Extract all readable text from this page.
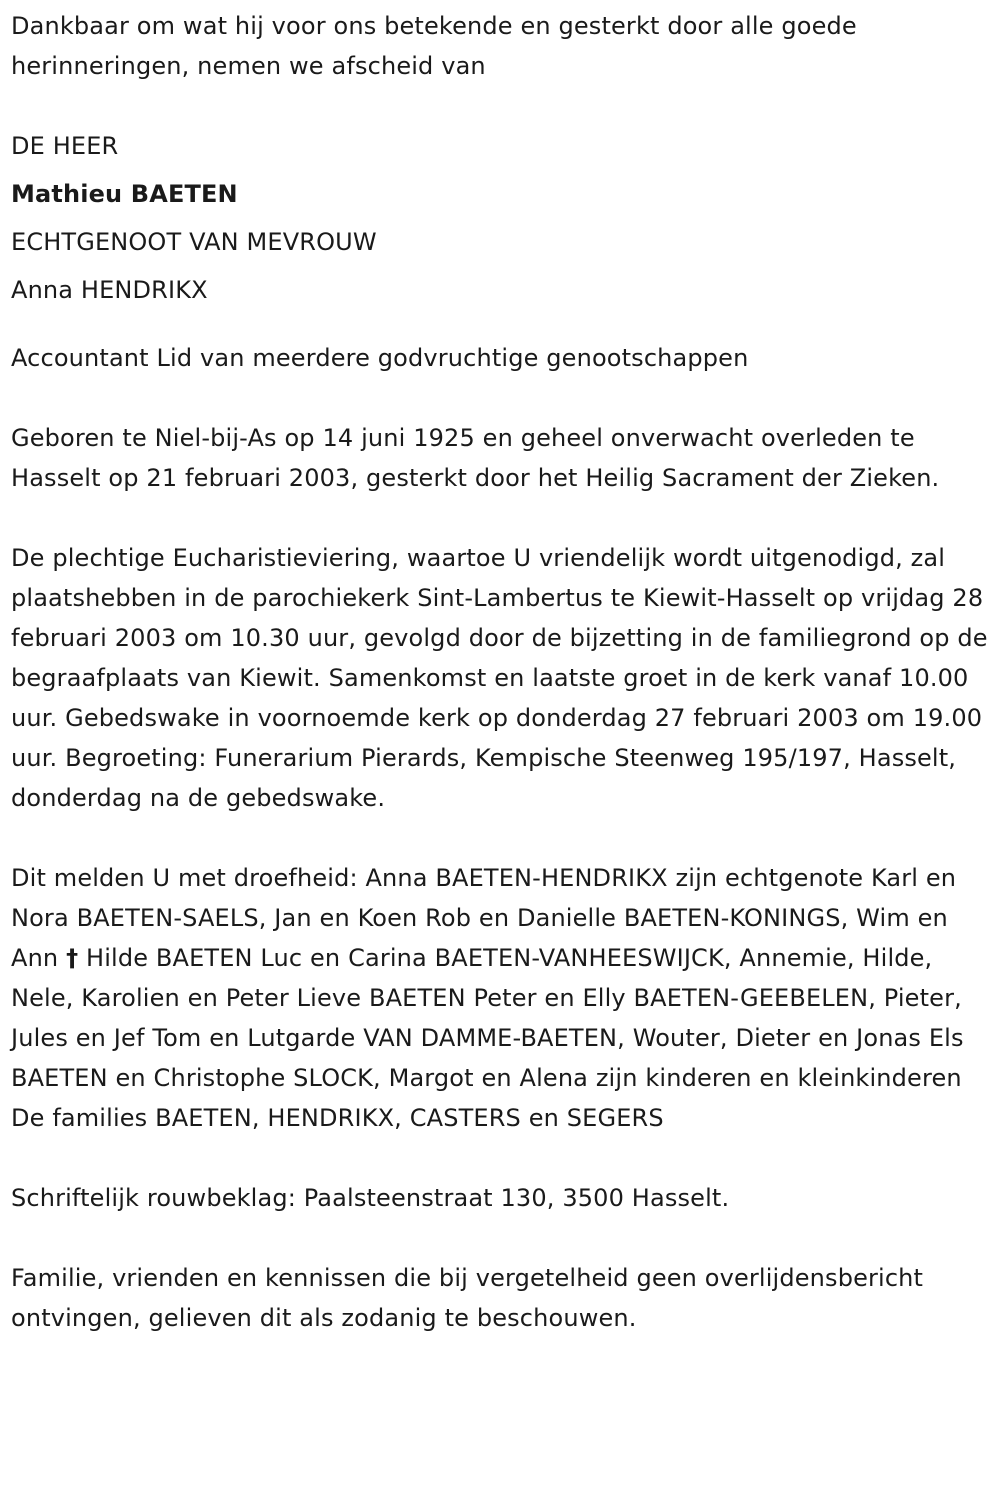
Dankbaar om wat hij voor ons betekende en gesterkt door alle goede herinneringen, nemen we afscheid van

DE HEER
Mathieu BAETEN
ECHTGENOOT VAN MEVROUW
Anna HENDRIKX

Accountant Lid van meerdere godvruchtige genootschappen

Geboren te Niel-bij-As op 14 juni 1925 en geheel onverwacht overleden te Hasselt op 21 februari 2003, gesterkt door het Heilig Sacrament der Zieken.

De plechtige Eucharistieviering, waartoe U vriendelijk wordt uitgenodigd, zal plaatshebben in de parochiekerk Sint-Lambertus te Kiewit-Hasselt op vrijdag 28 februari 2003 om 10.30 uur, gevolgd door de bijzetting in de familiegrond op de begraafplaats van Kiewit. Samenkomst en laatste groet in de kerk vanaf 10.00 uur. Gebedswake in voornoemde kerk op donderdag 27 februari 2003 om 19.00 uur. Begroeting: Funerarium Pierards, Kempische Steenweg 195/197, Hasselt, donderdag na de gebedswake.

Dit melden U met droefheid: Anna BAETEN-HENDRIKX zijn echtgenote Karl en Nora BAETEN-SAELS, Jan en Koen Rob en Danielle BAETEN-KONINGS, Wim en Ann † Hilde BAETEN Luc en Carina BAETEN-VANHEESWIJCK, Annemie, Hilde, Nele, Karolien en Peter Lieve BAETEN Peter en Elly BAETEN-GEEBELEN, Pieter, Jules en Jef Tom en Lutgarde VAN DAMME-BAETEN, Wouter, Dieter en Jonas Els BAETEN en Christophe SLOCK, Margot en Alena zijn kinderen en kleinkinderen De families BAETEN, HENDRIKX, CASTERS en SEGERS

Schriftelijk rouwbeklag: Paalsteenstraat 130, 3500 Hasselt.

Familie, vrienden en kennissen die bij vergetelheid geen overlijdensbericht ontvingen, gelieven dit als zodanig te beschouwen.
